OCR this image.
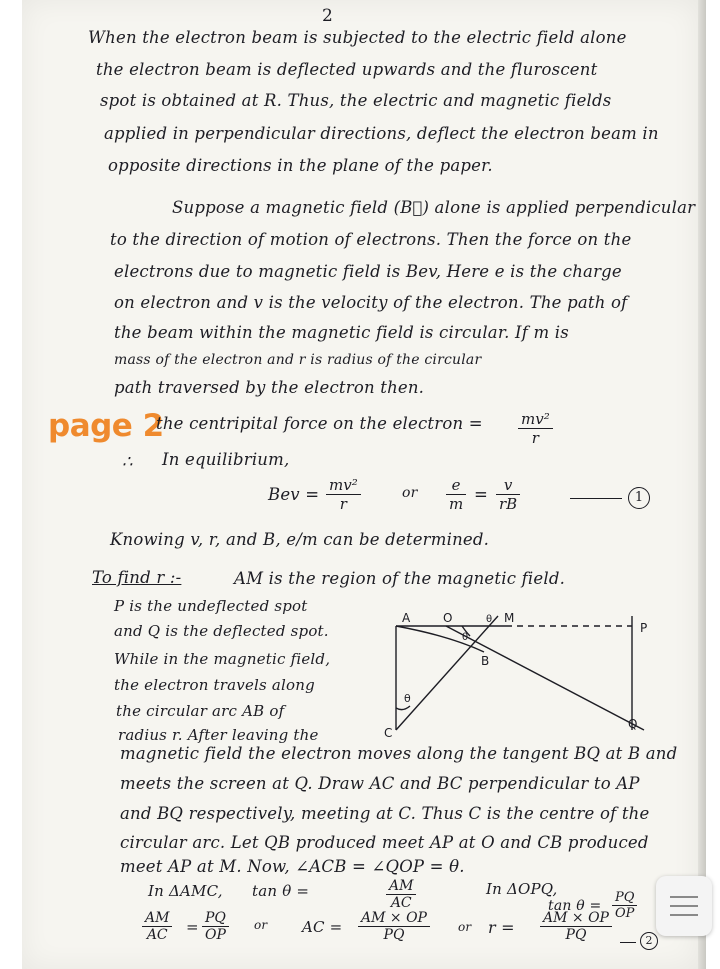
2
When the electron beam is subjected to the electric field alone
the electron beam is deflected upwards and the fluroscent
spot is obtained at R. Thus, the electric and magnetic fields
applied in perpendicular directions, deflect the electron beam in
opposite directions in the plane of the paper.
Suppose a magnetic field (B⃗) alone is applied perpendicular
to the direction of motion of electrons. Then the force on the
electrons due to magnetic field is Bev, Here e is the charge
on electron and v is the velocity of the electron. The path of
the beam within the magnetic field is circular. If m is
mass of the electron and r is radius of the circular
path traversed by the electron then.
page 2
the centripital force on the electron = $\frac{\text{mv²}}{r}$
∴ In equilibrium,
Bev = $\frac{\text{mv²}}{r}$	or $\frac{e}{m} = \frac{v}{rB}$	1
Knowing v, r, and B, e/m can be determined.
To find r :-	AM is the region of the magnetic field.
P is the undeflected spot
and Q is the deflected spot.
While in the magnetic field,
the electron travels along
the circular arc AB of
radius r. After leaving the
A	O	M
P
B
C
Q
θ
θ
θ
magnetic field the electron moves along the tangent BQ at B and
meets the screen at Q. Draw AC and BC perpendicular to AP
and BQ respectively, meeting at C. Thus C is the centre of the
circular arc. Let QB produced meet AP at O and CB produced
meet AP at M. Now, ∠ACB = ∠QOP = θ.
In ΔAMC, tan θ =	$\frac{AM}{AC}$	In ΔOPQ,
$\tan \theta = \frac{PQ}{OP}$
$\frac{AM}{AC} = \frac{PQ}{OP}$ or AC = $\frac{AM \times OP}{PQ}$ or $r = \frac{AM \times OP}{PQ}$	2
